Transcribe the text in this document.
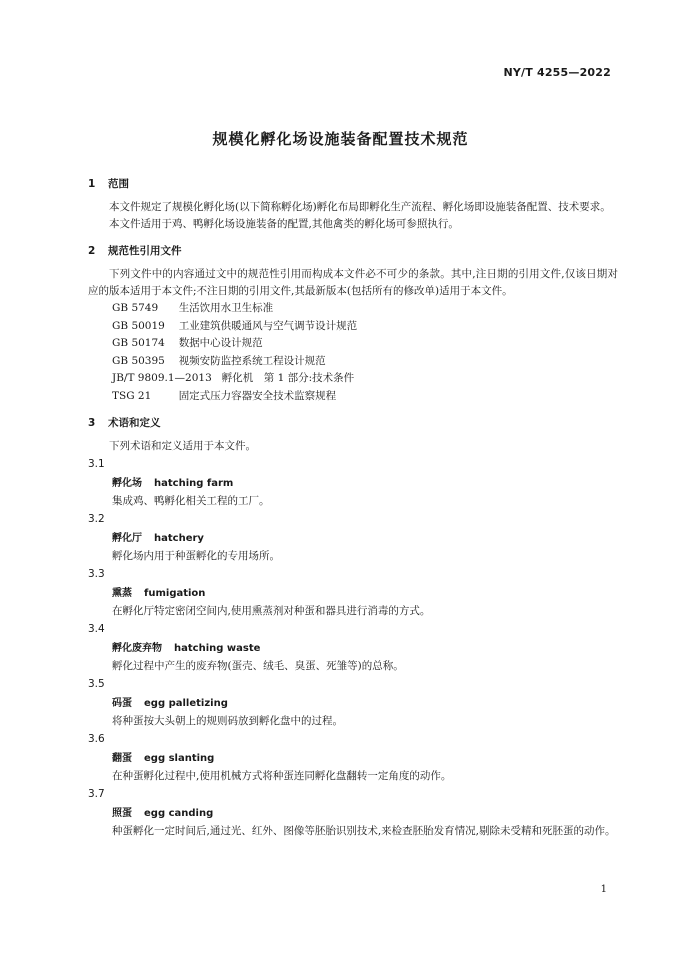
NY/T 4255—2022
规模化孵化场设施装备配置技术规范
1 范围

本文件规定了规模化孵化场(以下简称孵化场)孵化布局即孵化生产流程、孵化场即设施装备配置、技术要求。

本文件适用于鸡、鸭孵化场设施装备的配置,其他禽类的孵化场可参照执行。

2 规范性引用文件

下列文件中的内容通过文中的规范性引用而构成本文件必不可少的条款。其中,注日期的引用文件,仅该日期对应的版本适用于本文件;不注日期的引用文件,其最新版本(包括所有的修改单)适用于本文件。

GB 5749 生活饮用水卫生标准

GB 50019 工业建筑供暖通风与空气调节设计规范

GB 50174 数据中心设计规范

GB 50395 视频安防监控系统工程设计规范

JB/T 9809.1—2013 孵化机　第 1 部分:技术条件

TSG 21	固定式压力容器安全技术监察规程

3 术语和定义

下列术语和定义适用于本文件。

3.1

孵化场 hatching farm

集成鸡、鸭孵化相关工程的工厂。

3.2

孵化厅 hatchery

孵化场内用于种蛋孵化的专用场所。

3.3

熏蒸 fumigation

在孵化厅特定密闭空间内,使用熏蒸剂对种蛋和器具进行消毒的方式。

3.4

孵化废弃物 hatching waste

孵化过程中产生的废弃物(蛋壳、绒毛、臭蛋、死雏等)的总称。

3.5

码蛋 egg palletizing

将种蛋按大头朝上的规则码放到孵化盘中的过程。

3.6

翻蛋 egg slanting

在种蛋孵化过程中,使用机械方式将种蛋连同孵化盘翻转一定角度的动作。

3.7

照蛋 egg canding

种蛋孵化一定时间后,通过光、红外、图像等胚胎识别技术,来检查胚胎发育情况,剔除未受精和死胚蛋的动作。

1
